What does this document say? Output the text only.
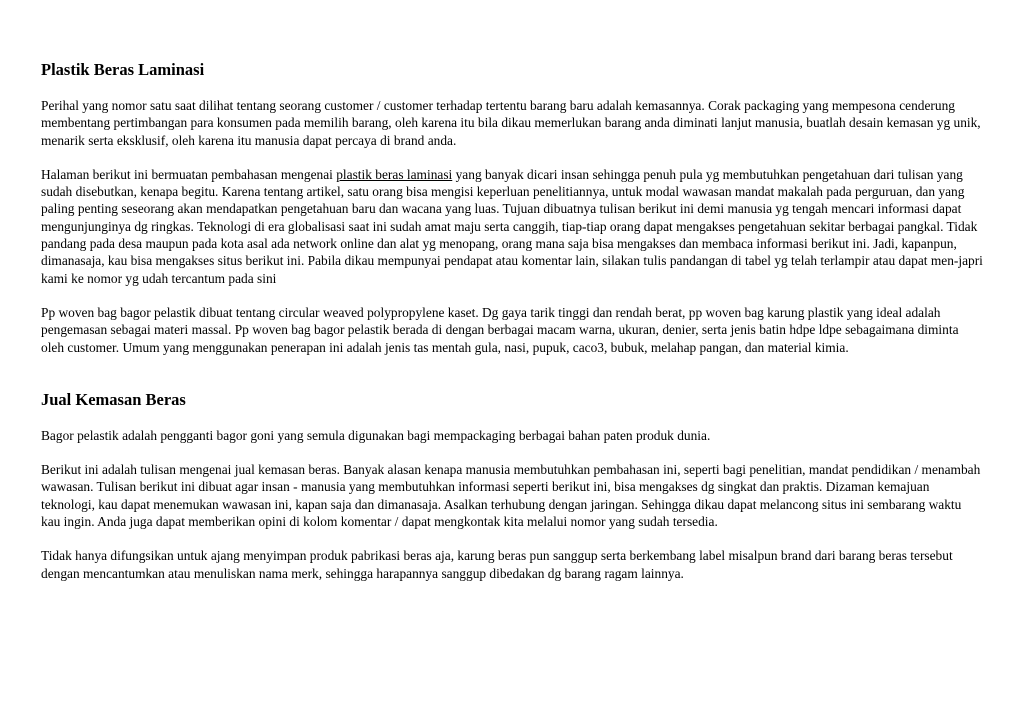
Plastik Beras Laminasi

Perihal yang nomor satu saat dilihat tentang seorang customer / customer terhadap tertentu barang baru adalah kemasannya. Corak packaging yang mempesona cenderung membentang pertimbangan para konsumen pada memilih barang, oleh karena itu bila dikau memerlukan barang anda diminati lanjut manusia, buatlah desain kemasan yg unik, menarik serta eksklusif, oleh karena itu manusia dapat percaya di brand anda.

Halaman berikut ini bermuatan pembahasan mengenai plastik beras laminasi yang banyak dicari insan sehingga penuh pula yg membutuhkan pengetahuan dari tulisan yang sudah disebutkan, kenapa begitu. Karena tentang artikel, satu orang bisa mengisi keperluan penelitiannya, untuk modal wawasan mandat makalah pada perguruan, dan yang paling penting seseorang akan mendapatkan pengetahuan baru dan wacana yang luas. Tujuan dibuatnya tulisan berikut ini demi manusia yg tengah mencari informasi dapat mengunjunginya dg ringkas. Teknologi di era globalisasi saat ini sudah amat maju serta canggih, tiap-tiap orang dapat mengakses pengetahuan sekitar berbagai pangkal. Tidak pandang pada desa maupun pada kota asal ada network online dan alat yg menopang, orang mana saja bisa mengakses dan membaca informasi berikut ini. Jadi, kapanpun, dimanasaja, kau bisa mengakses situs berikut ini. Pabila dikau mempunyai pendapat atau komentar lain, silakan tulis pandangan di tabel yg telah terlampir atau dapat men-japri kami ke nomor yg udah tercantum pada sini

Pp woven bag bagor pelastik dibuat tentang circular weaved polypropylene kaset. Dg gaya tarik tinggi dan rendah berat, pp woven bag karung plastik yang ideal adalah pengemasan sebagai materi massal. Pp woven bag bagor pelastik berada di dengan berbagai macam warna, ukuran, denier, serta jenis batin hdpe ldpe sebagaimana diminta oleh customer. Umum yang menggunakan penerapan ini adalah jenis tas mentah gula, nasi, pupuk, caco3, bubuk, melahap pangan, dan material kimia.

Jual Kemasan Beras

Bagor pelastik adalah pengganti bagor goni yang semula digunakan bagi mempackaging berbagai bahan paten produk dunia.

Berikut ini adalah tulisan mengenai jual kemasan beras. Banyak alasan kenapa manusia membutuhkan pembahasan ini, seperti bagi penelitian, mandat pendidikan / menambah wawasan. Tulisan berikut ini dibuat agar insan - manusia yang membutuhkan informasi seperti berikut ini, bisa mengakses dg singkat dan praktis. Dizaman kemajuan teknologi, kau dapat menemukan wawasan ini, kapan saja dan dimanasaja. Asalkan terhubung dengan jaringan. Sehingga dikau dapat melancong situs ini sembarang waktu kau ingin. Anda juga dapat memberikan opini di kolom komentar / dapat mengkontak kita melalui nomor yang sudah tersedia.

Tidak hanya difungsikan untuk ajang menyimpan produk pabrikasi beras aja, karung beras pun sanggup serta berkembang label misalpun brand dari barang beras tersebut dengan mencantumkan atau menuliskan nama merk, sehingga harapannya sanggup dibedakan dg barang ragam lainnya.
